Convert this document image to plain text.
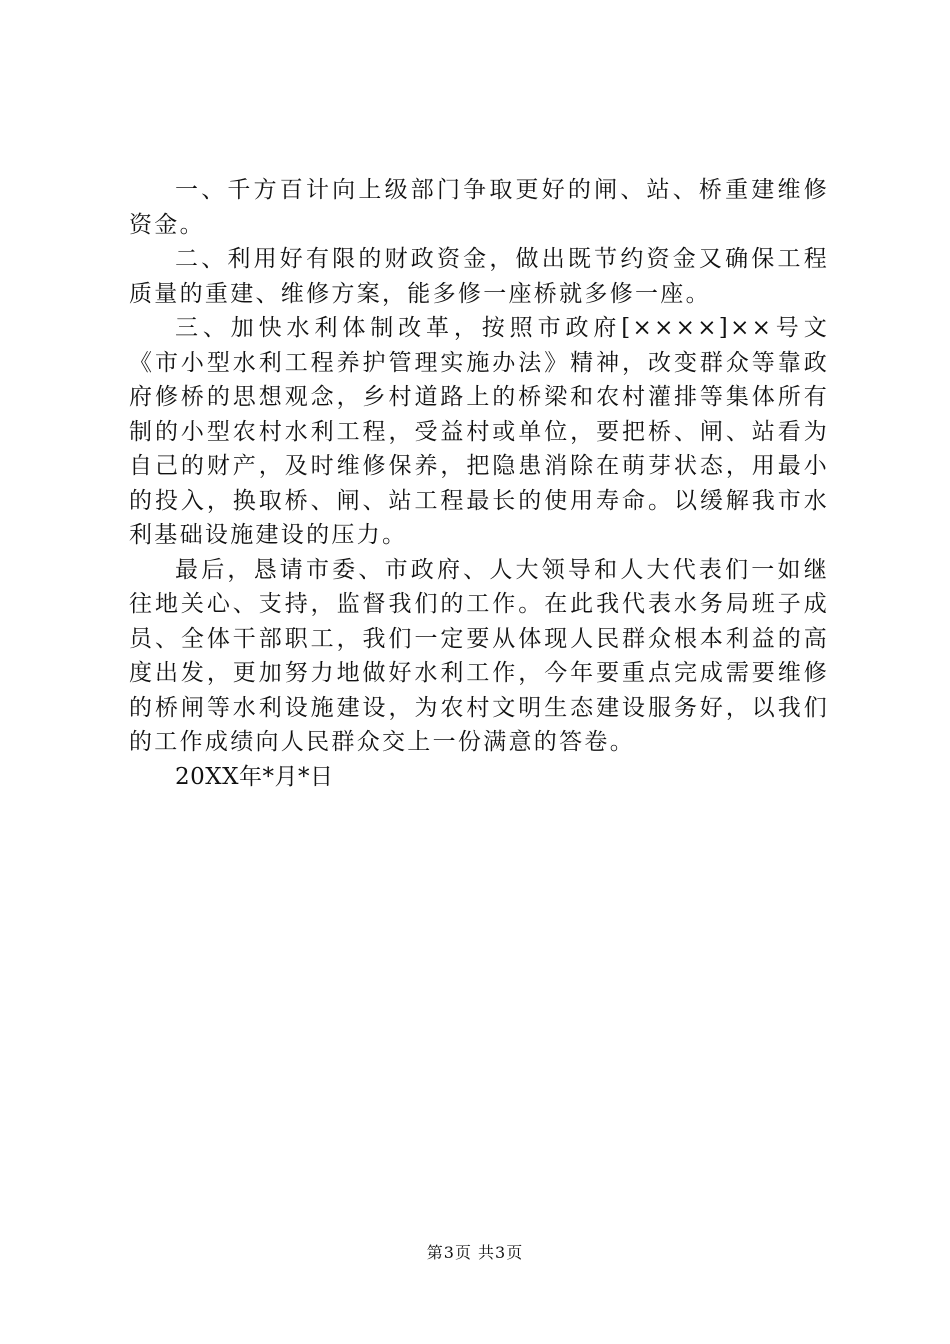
一、千方百计向上级部门争取更好的闸、站、桥重建维修资金。

二、利用好有限的财政资金，做出既节约资金又确保工程质量的重建、维修方案，能多修一座桥就多修一座。

三、加快水利体制改革，按照市政府[××××]××号文《市小型水利工程养护管理实施办法》精神，改变群众等靠政府修桥的思想观念，乡村道路上的桥梁和农村灌排等集体所有制的小型农村水利工程，受益村或单位，要把桥、闸、站看为自己的财产，及时维修保养，把隐患消除在萌芽状态，用最小的投入，换取桥、闸、站工程最长的使用寿命。以缓解我市水利基础设施建设的压力。

最后，恳请市委、市政府、人大领导和人大代表们一如继往地关心、支持，监督我们的工作。在此我代表水务局班子成员、全体干部职工，我们一定要从体现人民群众根本利益的高度出发，更加努力地做好水利工作，今年要重点完成需要维修的桥闸等水利设施建设，为农村文明生态建设服务好，以我们的工作成绩向人民群众交上一份满意的答卷。

20XX年*月*日

第3页 共3页
